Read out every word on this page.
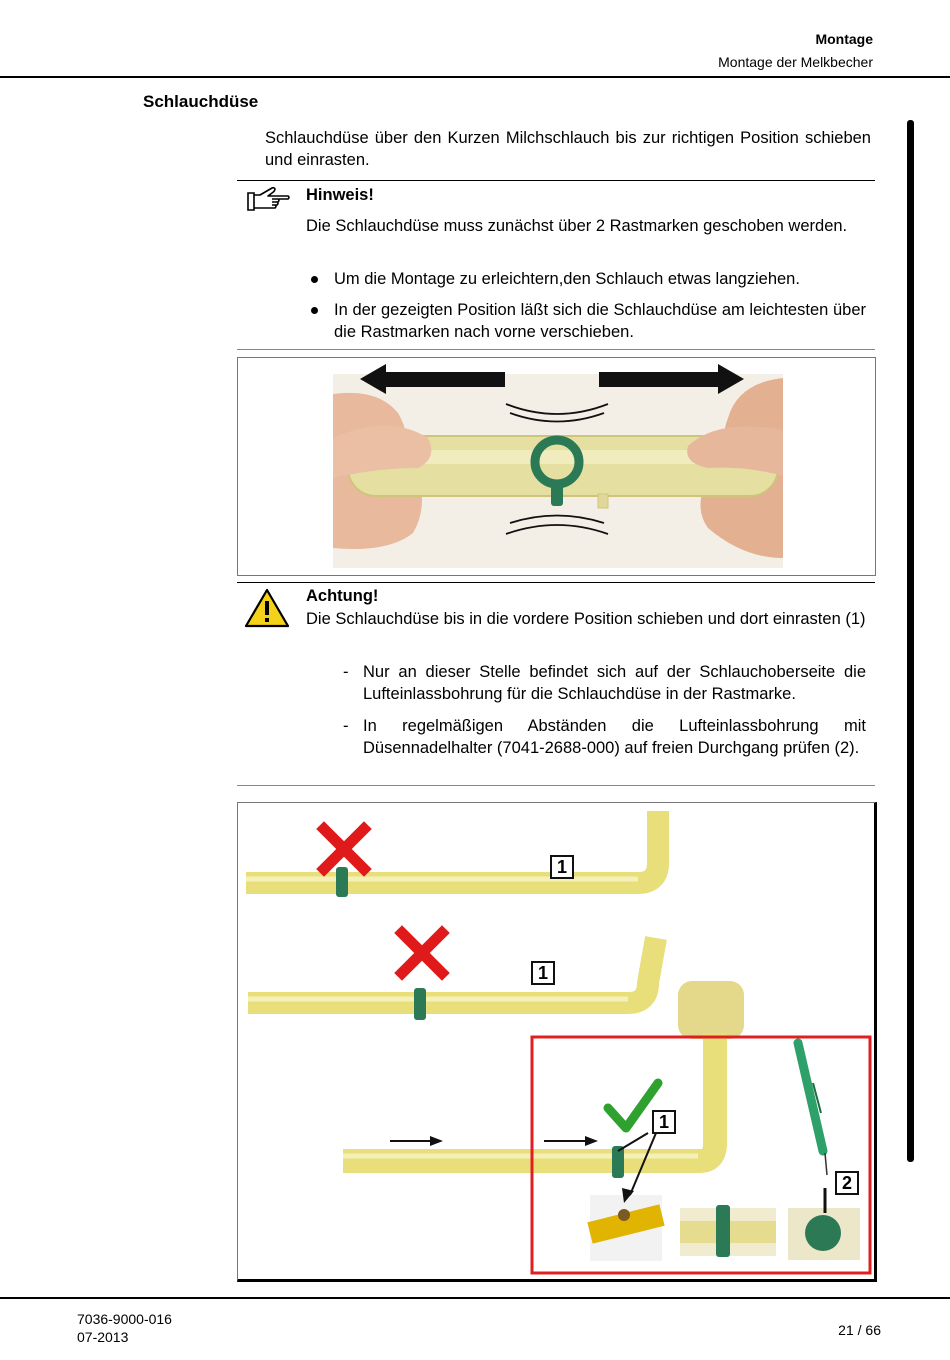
Montage
Montage der Melkbecher
Schlauchdüse
Schlauchdüse über den Kurzen Milchschlauch bis zur richtigen Position schieben und einrasten.
Hinweis!
Die Schlauchdüse muss zunächst über 2 Rastmarken geschoben werden.
Um die Montage zu erleichtern,den Schlauch etwas langziehen.
In der gezeigten Position läßt sich die Schlauchdüse am leichtesten über die Rastmarken nach vorne verschieben.
Achtung!
Die Schlauchdüse bis in die vordere Position schieben und dort einrasten (1)
- Nur an dieser Stelle befindet sich auf der Schlauchoberseite die Lufteinlassbohrung für die Schlauchdüse in der Rastmarke.
- In regelmäßigen Abständen die Lufteinlassbohrung mit Düsennadelhalter (7041-2688-000) auf freien Durchgang prüfen (2).
1
1
1
2
7036-9000-016
07-2013	21 / 66
